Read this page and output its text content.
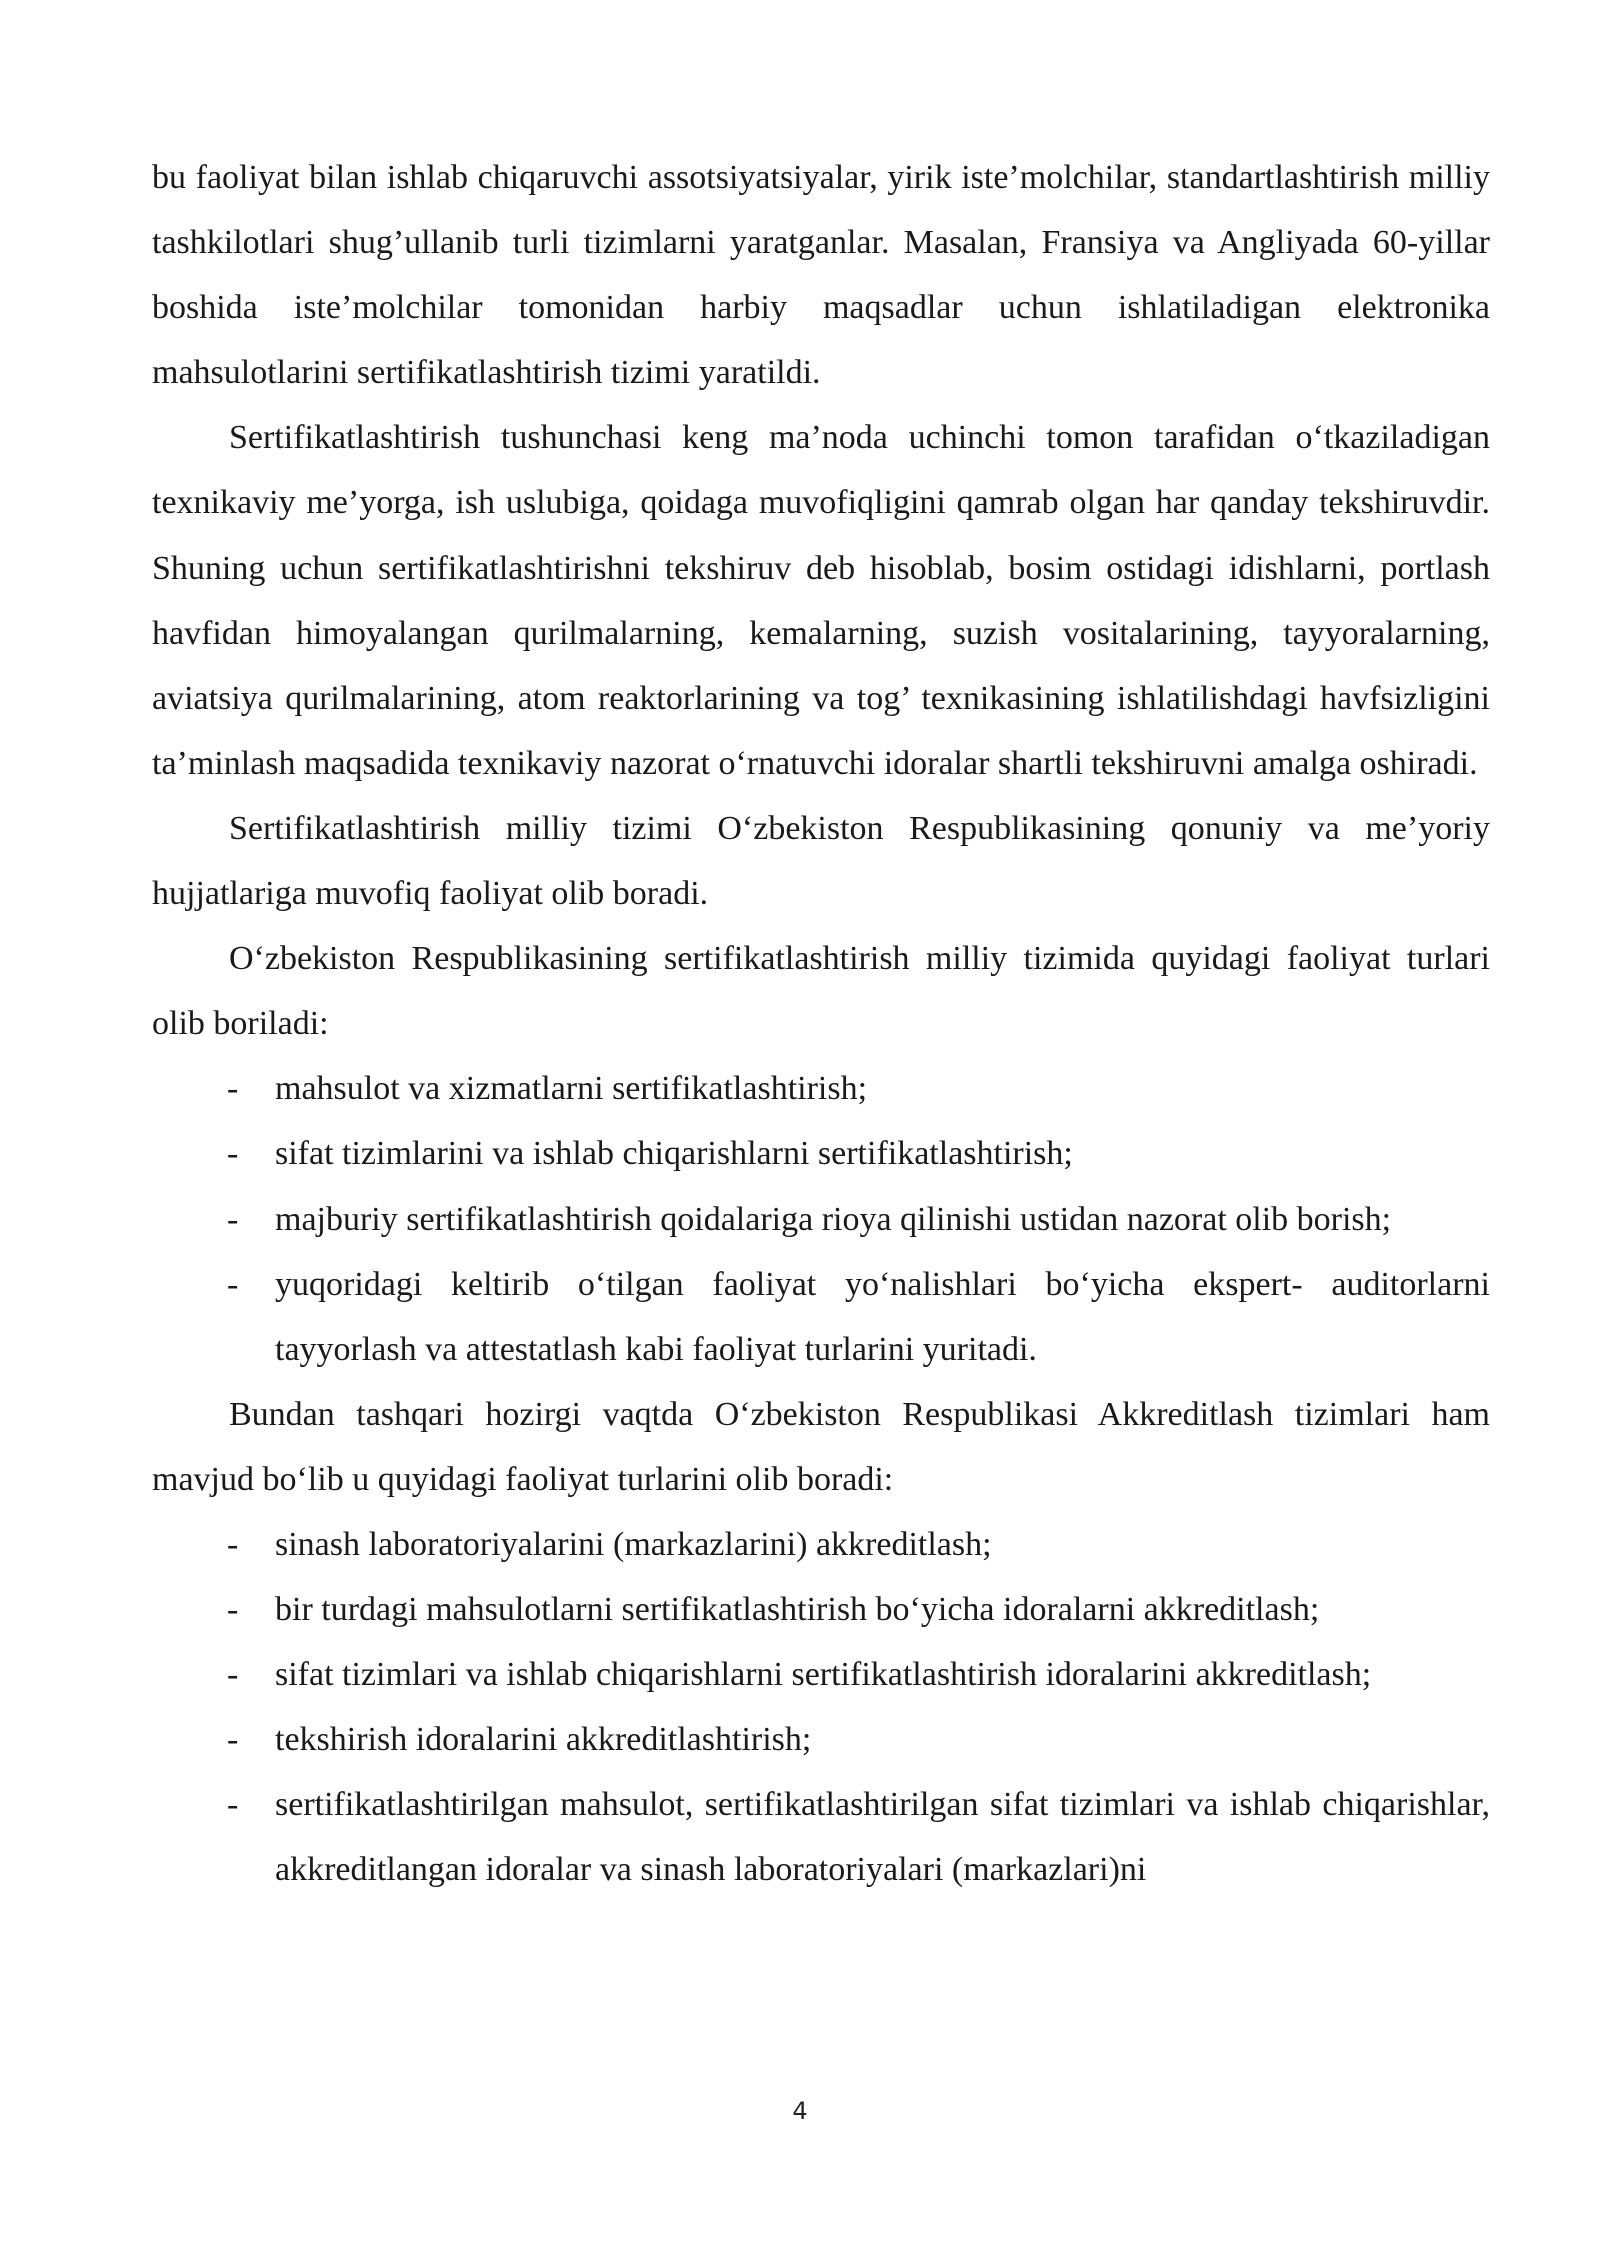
bu faoliyat bilan ishlab chiqaruvchi assotsiyatsiyalar, yirik iste’molchilar, standartlashtirish milliy tashkilotlari shug’ullanib turli tizimlarni yaratganlar. Masalan, Fransiya va Angliyada 60-yillar boshida iste’molchilar tomonidan harbiy maqsadlar uchun ishlatiladigan elektronika mahsulotlarini sertifikatlashtirish tizimi yaratildi.

Sertifikatlashtirish tushunchasi keng ma’noda uchinchi tomon tarafidan o‘tkaziladigan texnikaviy me’yorga, ish uslubiga, qoidaga muvofiqligini qamrab olgan har qanday tekshiruvdir. Shuning uchun sertifikatlashtirishni tekshiruv deb hisoblab, bosim ostidagi idishlarni, portlash havfidan himoyalangan qurilmalarning, kemalarning, suzish vositalarining, tayyoralarning, aviatsiya qurilmalarining, atom reaktorlarining va tog’ texnikasining ishlatilishdagi havfsizligini ta’minlash maqsadida texnikaviy nazorat o‘rnatuvchi idoralar shartli tekshiruvni amalga oshiradi.

Sertifikatlashtirish milliy tizimi O‘zbekiston Respublikasining qonuniy va me’yoriy hujjatlariga muvofiq faoliyat olib boradi.

O‘zbekiston Respublikasining sertifikatlashtirish milliy tizimida quyidagi faoliyat turlari olib boriladi:

- mahsulot va xizmatlarni sertifikatlashtirish;
- sifat tizimlarini va ishlab chiqarishlarni sertifikatlashtirish;
- majburiy sertifikatlashtirish qoidalariga rioya qilinishi ustidan nazorat olib borish;
- yuqoridagi keltirib o‘tilgan faoliyat yo‘nalishlari bo‘yicha ekspert- auditorlarni tayyorlash va attestatlash kabi faoliyat turlarini yuritadi.

Bundan tashqari hozirgi vaqtda O‘zbekiston Respublikasi Akkreditlash tizimlari ham mavjud bo‘lib u quyidagi faoliyat turlarini olib boradi:

- sinash laboratoriyalarini (markazlarini) akkreditlash;
- bir turdagi mahsulotlarni sertifikatlashtirish bo‘yicha idoralarni akkreditlash;
- sifat tizimlari va ishlab chiqarishlarni sertifikatlashtirish idoralarini akkreditlash;
- tekshirish idoralarini akkreditlashtirish;
- sertifikatlashtirilgan mahsulot, sertifikatlashtirilgan sifat tizimlari va ishlab chiqarishlar, akkreditlangan idoralar va sinash laboratoriyalari (markazlari)ni
4
